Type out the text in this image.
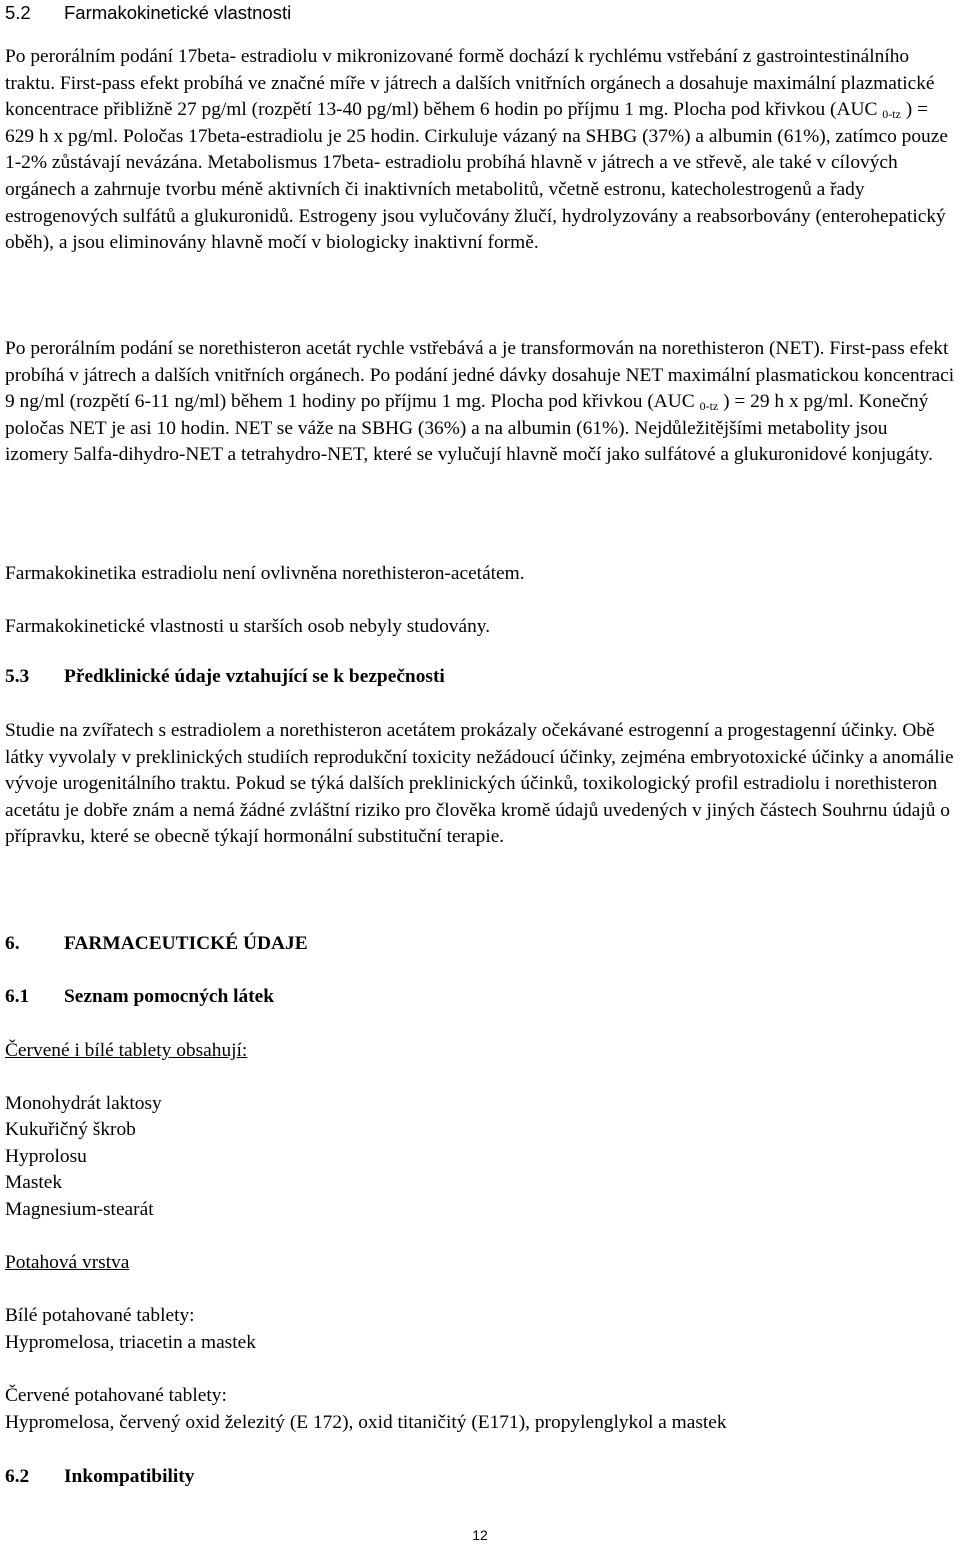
5.2 Farmakokinetické vlastnosti

Po perorálním podání 17beta- estradiolu v mikronizované formě dochází k rychlému vstřebání z gastrointestinálního traktu. First-pass efekt probíhá ve značné míře v játrech a dalších vnitřních orgánech a dosahuje maximální plazmatické koncentrace přibližně 27 pg/ml (rozpětí 13-40 pg/ml) během 6 hodin po příjmu 1 mg. Plocha pod křivkou (AUC $_{0-tz}$ ) = 629 h x pg/ml. Poločas 17beta-estradiolu je 25 hodin. Cirkuluje vázaný na SHBG (37%) a albumin (61%), zatímco pouze 1-2% zůstávají nevázána. Metabolismus 17beta- estradiolu probíhá hlavně v játrech a ve střevě, ale také v cílových orgánech a zahrnuje tvorbu méně aktivních či inaktivních metabolitů, včetně estronu, katecholestrogenů a řady estrogenových sulfátů a glukuronidů. Estrogeny jsou vylučovány žlučí, hydrolyzovány a reabsorbovány (enterohepatický oběh), a jsou eliminovány hlavně močí v biologicky inaktivní formě.

Po perorálním podání se norethisteron acetát rychle vstřebává a je transformován na norethisteron (NET). First-pass efekt probíhá v játrech a dalších vnitřních orgánech. Po podání jedné dávky dosahuje NET maximální plasmatickou koncentraci 9 ng/ml (rozpětí 6-11 ng/ml) během 1 hodiny po příjmu 1 mg. Plocha pod křivkou (AUC $_{0-tz}$ ) = 29 h x pg/ml. Konečný poločas NET je asi 10 hodin. NET se váže na SBHG (36%) a na albumin (61%). Nejdůležitějšími metabolity jsou izomery 5alfa-dihydro-NET a tetrahydro-NET, které se vylučují hlavně močí jako sulfátové a glukuronidové konjugáty.

Farmakokinetika estradiolu není ovlivněna norethisteron-acetátem.

Farmakokinetické vlastnosti u starších osob nebyly studovány.

5.3 Předklinické údaje vztahující se k bezpečnosti

Studie na zvířatech s estradiolem a norethisteron acetátem prokázaly očekávané estrogenní a progestagenní účinky. Obě látky vyvolaly v preklinických studiích reprodukční toxicity nežádoucí účinky, zejména embryotoxické účinky a anomálie vývoje urogenitálního traktu. Pokud se týká dalších preklinických účinků, toxikologický profil estradiolu i norethisteron acetátu je dobře znám a nemá žádné zvláštní riziko pro člověka kromě údajů uvedených v jiných částech Souhrnu údajů o přípravku, které se obecně týkají hormonální substituční terapie.

6. FARMACEUTICKÉ ÚDAJE
6.1 Seznam pomocných látek

Červené i bílé tablety obsahují:

Monohydrát laktosy

Kukuřičný škrob

Hyprolosu

Mastek

Magnesium-stearát

Potahová vrstva

Bílé potahované tablety:

Hypromelosa, triacetin a mastek

Červené potahované tablety:

Hypromelosa, červený oxid železitý (E 172), oxid titaničitý (E171), propylenglykol a mastek

6.2 Inkompatibility
12
